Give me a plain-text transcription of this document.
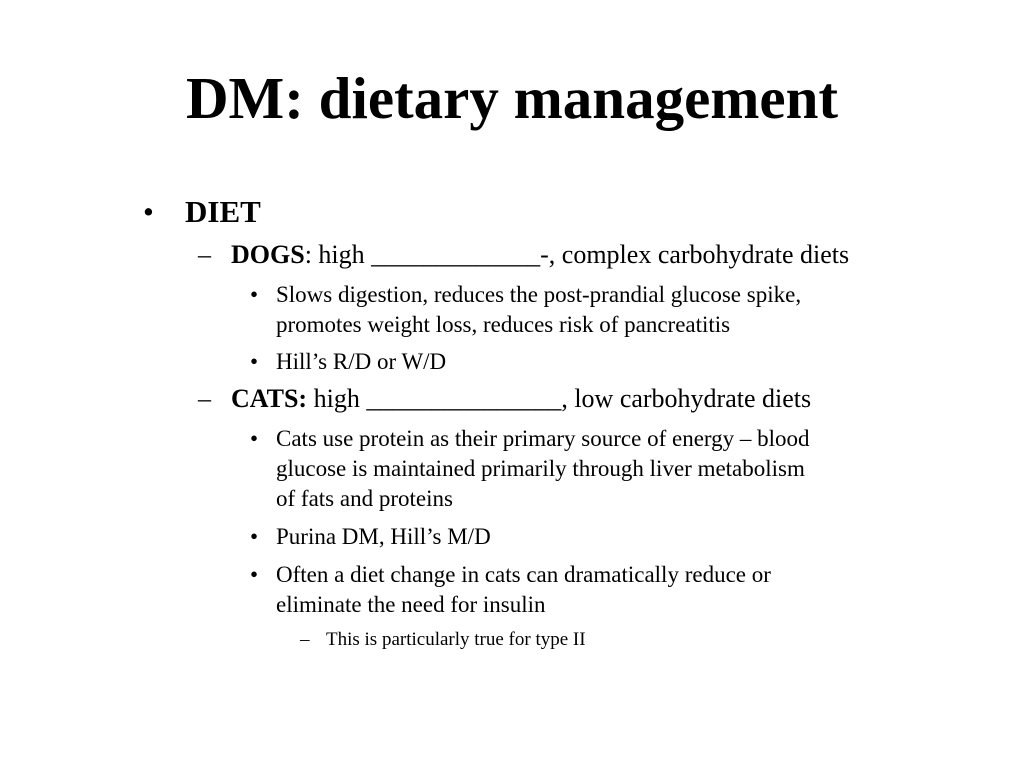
DM: dietary management
• DIET
– DOGS: high _____________-, complex carbohydrate diets
• Slows digestion, reduces the post-prandial glucose spike,
promotes weight loss, reduces risk of pancreatitis
• Hill’s R/D or W/D
– CATS: high _______________, low carbohydrate diets
• Cats use protein as their primary source of energy – blood
glucose is maintained primarily through liver metabolism
of fats and proteins
• Purina DM, Hill’s M/D
• Often a diet change in cats can dramatically reduce or
eliminate the need for insulin
– This is particularly true for type II
